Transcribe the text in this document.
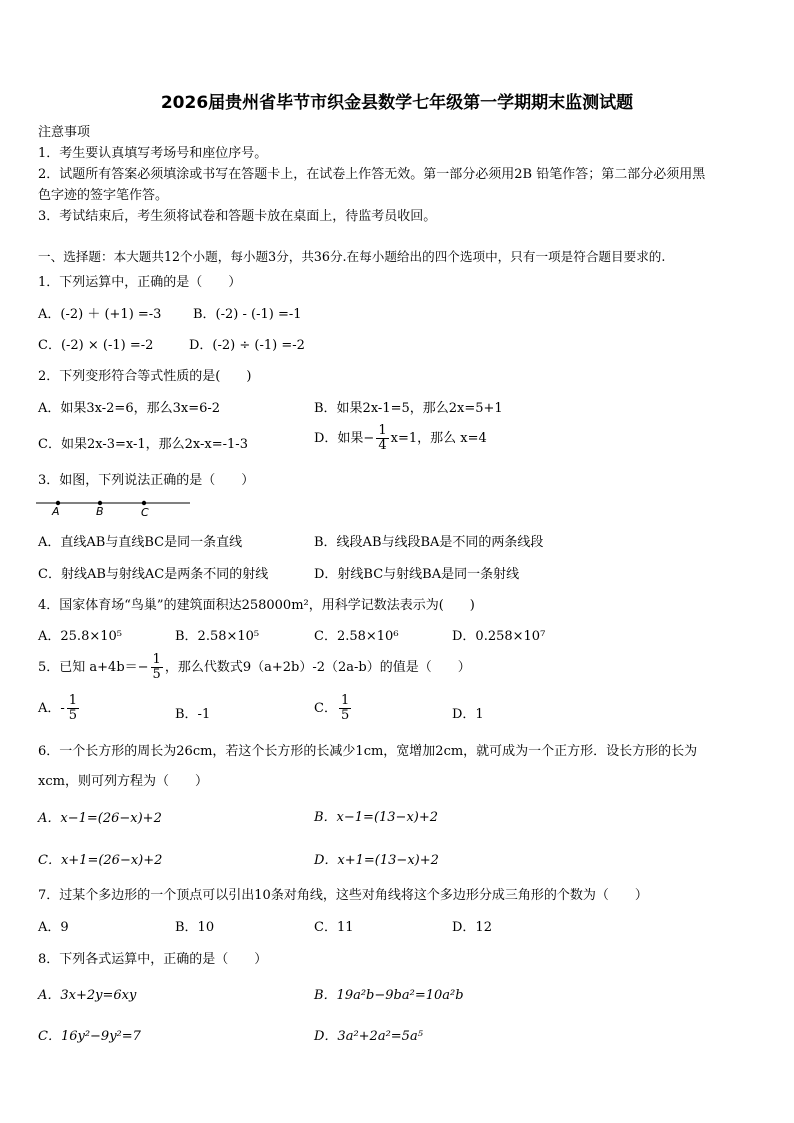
2026届贵州省毕节市织金县数学七年级第一学期期末监测试题
注意事项
1．考生要认真填写考场号和座位序号。
2．试题所有答案必须填涂或书写在答题卡上，在试卷上作答无效。第一部分必须用2B 铅笔作答；第二部分必须用黑
色字迹的签字笔作答。
3．考试结束后，考生须将试卷和答题卡放在桌面上，待监考员收回。
一、选择题：本大题共12个小题，每小题3分，共36分.在每小题给出的四个选项中，只有一项是符合题目要求的.
1．下列运算中，正确的是（　　）
A．(-2) ＋ (+1) =-3 B．(-2) - (-1) =-1
C．(-2) × (-1) =-2	D．(-2) ÷ (-1) =-2
2．下列变形符合等式性质的是(　　)
A．如果3x-2=6，那么3x=6-2	B．如果2x-1=5，那么2x=5+1
C．如果2x-3=x-1，那么2x-x=-1-3	D．如果− $\frac{1}{4} x=1$，那么 x=4
3．如图，下列说法正确的是（　　）
A	B	C
A．直线AB与直线BC是同一条直线	B．线段AB与线段BA是不同的两条线段
C．射线AB与射线AC是两条不同的射线	D．射线BC与射线BA是同一条射线
4．国家体育场“鸟巢”的建筑面积达258000m²，用科学记数法表示为(　　)
A．25.8×10⁵	B．2.58×10⁵	C．2.58×10⁶	D．0.258×10⁷
5．已知 $a+4b=- \frac{1}{5}$ ，那么代数式9（a+2b）-2（2a-b）的值是（　　）
A．- $\frac{1}{5}$	B．-1	C． $\frac{1}{5}$	D．1
6．一个长方形的周长为26cm，若这个长方形的长减少1cm，宽增加2cm，就可成为一个正方形．设长方形的长为
xcm，则可列方程为（　　）
A．x−1=(26−x)+2	B．x−1=(13−x)+2
C．x+1=(26−x)+2	D．x+1=(13−x)+2
7．过某个多边形的一个顶点可以引出10条对角线，这些对角线将这个多边形分成三角形的个数为（　　）
A．9	B．10	C．11	D．12
8．下列各式运算中，正确的是（　　）
A．3x+2y=6xy	B．19a²b−9ba²=10a²b
C．16y²−9y²=7	D．3a²+2a²=5a⁵
